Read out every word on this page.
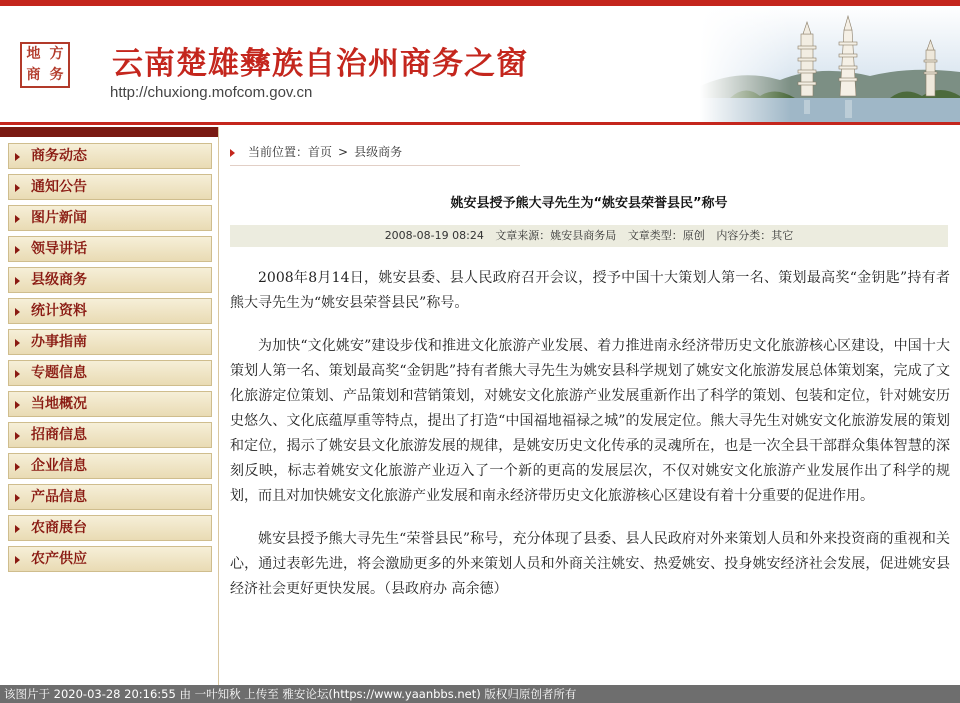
地 方
商 务 云南楚雄彝族自治州商务之窗
http://chuxiong.mofcom.gov.cn
商务动态
通知公告
图片新闻
领导讲话
县级商务
统计资料
办事指南
专题信息
当地概况
招商信息
企业信息
产品信息
农商展台
农产供应
当前位置：首页 > 县级商务
姚安县授予熊大寻先生为“姚安县荣誉县民”称号
2008-08-19 08:24 文章来源：姚安县商务局 文章类型：原创 内容分类：其它

2008年8月14日，姚安县委、县人民政府召开会议，授予中国十大策划人第一名、策划最高奖“金钥匙”持有者熊大寻先生为“姚安县荣誉县民”称号。

为加快“文化姚安”建设步伐和推进文化旅游产业发展、着力推进南永经济带历史文化旅游核心区建设，中国十大策划人第一名、策划最高奖“金钥匙”持有者熊大寻先生为姚安县科学规划了姚安文化旅游发展总体策划案，完成了文化旅游定位策划、产品策划和营销策划，对姚安文化旅游产业发展重新作出了科学的策划、包装和定位，针对姚安历史悠久、文化底蕴厚重等特点，提出了打造“中国福地福禄之城”的发展定位。熊大寻先生对姚安文化旅游发展的策划和定位，揭示了姚安县文化旅游发展的规律，是姚安历史文化传承的灵魂所在，也是一次全县干部群众集体智慧的深刻反映，标志着姚安文化旅游产业迈入了一个新的更高的发展层次，不仅对姚安文化旅游产业发展作出了科学的规划，而且对加快姚安文化旅游产业发展和南永经济带历史文化旅游核心区建设有着十分重要的促进作用。

姚安县授予熊大寻先生“荣誉县民”称号，充分体现了县委、县人民政府对外来策划人员和外来投资商的重视和关心，通过表彰先进，将会激励更多的外来策划人员和外商关注姚安、热爱姚安、投身姚安经济社会发展，促进姚安县经济社会更好更快发展。（县政府办 高余德）

该图片于 2020-03-28 20:16:55 由 一叶知秋 上传至 雅安论坛(https://www.yaanbbs.net) 版权归原创者所有
